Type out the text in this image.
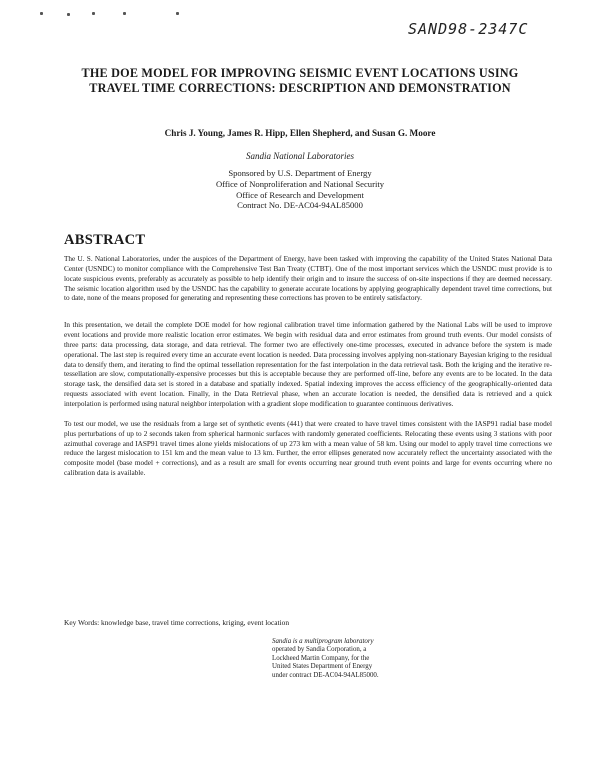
SAND98-2347C
THE DOE MODEL FOR IMPROVING SEISMIC EVENT LOCATIONS USING TRAVEL TIME CORRECTIONS: DESCRIPTION AND DEMONSTRATION
Chris J. Young, James R. Hipp, Ellen Shepherd, and Susan G. Moore
Sandia National Laboratories
Sponsored by U.S. Department of Energy
Office of Nonproliferation and National Security
Office of Research and Development
Contract No. DE-AC04-94AL85000
ABSTRACT

The U. S. National Laboratories, under the auspices of the Department of Energy, have been tasked with improving the capability of the United States National Data Center (USNDC) to monitor compliance with the Comprehensive Test Ban Treaty (CTBT). One of the most important services which the USNDC must provide is to locate suspicious events, preferably as accurately as possible to help identify their origin and to insure the success of on-site inspections if they are deemed necessary. The seismic location algorithm used by the USNDC has the capability to generate accurate locations by applying geographically dependent travel time corrections, but to date, none of the means proposed for generating and representing these corrections has proven to be entirely satisfactory.

In this presentation, we detail the complete DOE model for how regional calibration travel time information gathered by the National Labs will be used to improve event locations and provide more realistic location error estimates. We begin with residual data and error estimates from ground truth events. Our model consists of three parts: data processing, data storage, and data retrieval. The former two are effectively one-time processes, executed in advance before the system is made operational. The last step is required every time an accurate event location is needed. Data processing involves applying non-stationary Bayesian kriging to the residual data to densify them, and iterating to find the optimal tessellation representation for the fast interpolation in the data retrieval task. Both the kriging and the iterative re-tessellation are slow, computationally-expensive processes but this is acceptable because they are performed off-line, before any events are to be located. In the data storage task, the densified data set is stored in a database and spatially indexed. Spatial indexing improves the access efficiency of the geographically-oriented data requests associated with event location. Finally, in the Data Retrieval phase, when an accurate location is needed, the densified data is retrieved and a quick interpolation is performed using natural neighbor interpolation with a gradient slope modification to guarantee continuous derivatives.

To test our model, we use the residuals from a large set of synthetic events (441) that were created to have travel times consistent with the IASP91 radial base model plus perturbations of up to 2 seconds taken from spherical harmonic surfaces with randomly generated coefficients. Relocating these events using 3 stations with poor azimuthal coverage and IASP91 travel times alone yields mislocations of up 273 km with a mean value of 58 km. Using our model to apply travel time corrections we reduce the largest mislocation to 151 km and the mean value to 13 km. Further, the error ellipses generated now accurately reflect the uncertainty associated with the composite model (base model + corrections), and as a result are small for events occurring near ground truth event points and large for events occurring where no calibration data is available.

Key Words: knowledge base, travel time corrections, kriging, event location
Sandia is a multiprogram laboratory
operated by Sandia Corporation, a
Lockheed Martin Company, for the
United States Department of Energy
under contract DE-AC04-94AL85000.
